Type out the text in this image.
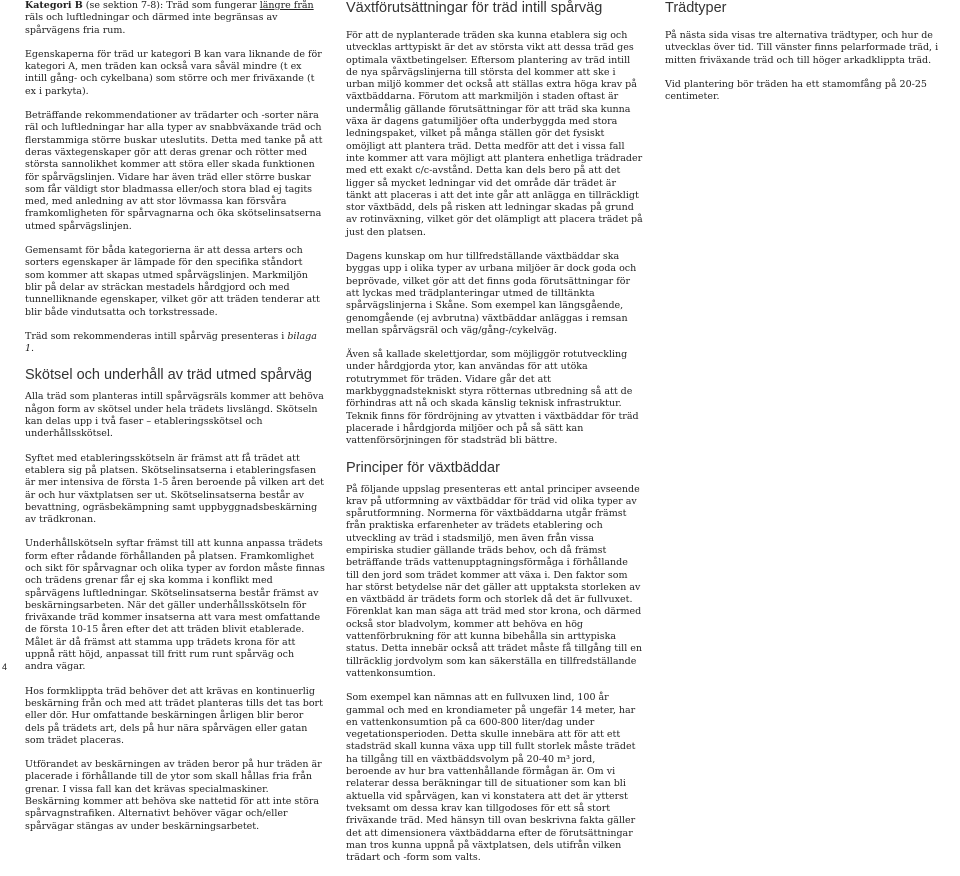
Kategori B (se sektion 7-8): Träd som fungerar längre från räls och luftledningar och därmed inte begränsas av spårvägens fria rum.

Egenskaperna för träd ur kategori B kan vara liknande de för kategori A, men träden kan också vara såväl mindre (t ex intill gång- och cykelbana) som större och mer friväxande (t ex i parkyta).

Beträffande rekommendationer av trädarter och -sorter nära räl och luftledningar har alla typer av snabbväxande träd och flerstammiga större buskar uteslutits. Detta med tanke på att deras växtegenskaper gör att deras grenar och rötter med största sannolikhet kommer att störa eller skada funktionen för spårvägslinjen. Vidare har även träd eller större buskar som får väldigt stor bladmassa eller/och stora blad ej tagits med, med anledning av att stor lövmassa kan försvåra framkomligheten för spårvagnarna och öka skötselinsatserna utmed spårvägslinjen.

Gemensamt för båda kategorierna är att dessa arters och sorters egenskaper är lämpade för den specifika ståndort som kommer att skapas utmed spårvägslinjen. Markmiljön blir på delar av sträckan mestadels hårdgjord och med tunnelliknande egenskaper, vilket gör att träden tenderar att blir både vindutsatta och torkstressade.

Träd som rekommenderas intill spårväg presenteras i bilaga 1.

Skötsel och underhåll av träd utmed spårväg

Alla träd som planteras intill spårvägsräls kommer att behöva någon form av skötsel under hela trädets livslängd. Skötseln kan delas upp i två faser – etableringsskötsel och underhållsskötsel.

Syftet med etableringsskötseln är främst att få trädet att etablera sig på platsen. Skötselinsatserna i etableringsfasen är mer intensiva de första 1-5 åren beroende på vilken art det är och hur växtplatsen ser ut. Skötselinsatserna består av bevattning, ogräsbekämpning samt uppbyggnadsbeskärning av trädkronan.

Underhållskötseln syftar främst till att kunna anpassa trädets form efter rådande förhållanden på platsen. Framkomlighet och sikt för spårvagnar och olika typer av fordon måste finnas och trädens grenar får ej ska komma i konflikt med spårvägens luftledningar. Skötselinsatserna består främst av beskärningsarbeten. När det gäller underhållsskötseln för friväxande träd kommer insatserna att vara mest omfattande de första 10-15 åren efter det att träden blivit etablerade. Målet är då främst att stamma upp trädets krona för att uppnå rätt höjd, anpassat till fritt rum runt spårväg och andra vägar.

Hos formklippta träd behöver det att krävas en kontinuerlig beskärning från och med att trädet planteras tills det tas bort eller dör. Hur omfattande beskärningen årligen blir beror dels på trädets art, dels på hur nära spårvägen eller gatan som trädet placeras.

Utförandet av beskärningen av träden beror på hur träden är placerade i förhållande till de ytor som skall hållas fria från grenar. I vissa fall kan det krävas specialmaskiner. Beskärning kommer att behöva ske nattetid för att inte störa spårvagnstrafiken. Alternativt behöver vägar och/eller spårvägar stängas av under beskärningsarbetet.

Växtförutsättningar för träd intill spårväg

För att de nyplanterade träden ska kunna etablera sig och utvecklas arttypiskt är det av största vikt att dessa träd ges optimala växtbetingelser. Eftersom plantering av träd intill de nya spårvägslinjerna till största del kommer att ske i urban miljö kommer det också att ställas extra höga krav på växtbäddarna. Förutom att markmiljön i staden oftast är undermålig gällande förutsättningar för att träd ska kunna växa är dagens gatumiljöer ofta underbyggda med stora ledningspaket, vilket på många ställen gör det fysiskt omöjligt att plantera träd. Detta medför att det i vissa fall inte kommer att vara möjligt att plantera enhetliga trädrader med ett exakt c/c-avstånd. Detta kan dels bero på att det ligger så mycket ledningar vid det område där trädet är tänkt att placeras i att det inte går att anlägga en tillräckligt stor växtbädd, dels på risken att ledningar skadas på grund av rotinväxning, vilket gör det olämpligt att placera trädet på just den platsen.

Dagens kunskap om hur tillfredställande växtbäddar ska byggas upp i olika typer av urbana miljöer är dock goda och beprövade, vilket gör att det finns goda förutsättningar för att lyckas med trädplanteringar utmed de tilltänkta spårvägslinjerna i Skåne. Som exempel kan längsgående, genomgående (ej avbrutna) växtbäddar anläggas i remsan mellan spårvägsräl och väg/gång-/cykelväg.

Även så kallade skelettjordar, som möjliggör rotutveckling under hårdgjorda ytor, kan användas för att utöka rotutrymmet för träden. Vidare går det att markbyggnadstekniskt styra rötternas utbredning så att de förhindras att nå och skada känslig teknisk infrastruktur. Teknik finns för fördröjning av ytvatten i växtbäddar för träd placerade i hårdgjorda miljöer och på så sätt kan vattenförsörjningen för stadsträd bli bättre.

Principer för växtbäddar

På följande uppslag presenteras ett antal principer avseende krav på utformning av växtbäddar för träd vid olika typer av spårutformning. Normerna för växtbäddarna utgår främst från praktiska erfarenheter av trädets etablering och utveckling av träd i stadsmiljö, men även från vissa empiriska studier gällande träds behov, och då främst beträffande träds vattenupptagningsförmåga i förhållande till den jord som trädet kommer att växa i. Den faktor som har störst betydelse när det gäller att upptaksta storleken av en växtbädd är trädets form och storlek då det är fullvuxet. Förenklat kan man säga att träd med stor krona, och därmed också stor bladvolym, kommer att behöva en hög vattenförbrukning för att kunna bibehålla sin arttypiska status. Detta innebär också att trädet måste få tillgång till en tillräcklig jordvolym som kan säkerställa en tillfredställande vattenkonsumtion.

Som exempel kan nämnas att en fullvuxen lind, 100 år gammal och med en krondiameter på ungefär 14 meter, har en vattenkonsumtion på ca 600-800 liter/dag under vegetationsperioden. Detta skulle innebära att för att ett stadsträd skall kunna växa upp till fullt storlek måste trädet ha tillgång till en växtbäddsvolym på 20-40 m³ jord, beroende av hur bra vattenhållande förmågan är. Om vi relaterar dessa beräkningar till de situationer som kan bli aktuella vid spårvägen, kan vi konstatera att det är ytterst tveksamt om dessa krav kan tillgodoses för ett så stort friväxande träd. Med hänsyn till ovan beskrivna fakta gäller det att dimensionera växtbäddarna efter de förutsättningar man tros kunna uppnå på växtplatsen, dels utifrån vilken trädart och -form som valts.

Trädtyper

På nästa sida visas tre alternativa trädtyper, och hur de utvecklas över tid. Till vänster finns pelarformade träd, i mitten friväxande träd och till höger arkadklippta träd.

Vid plantering bör träden ha ett stamomfång på 20-25 centimeter.

4
